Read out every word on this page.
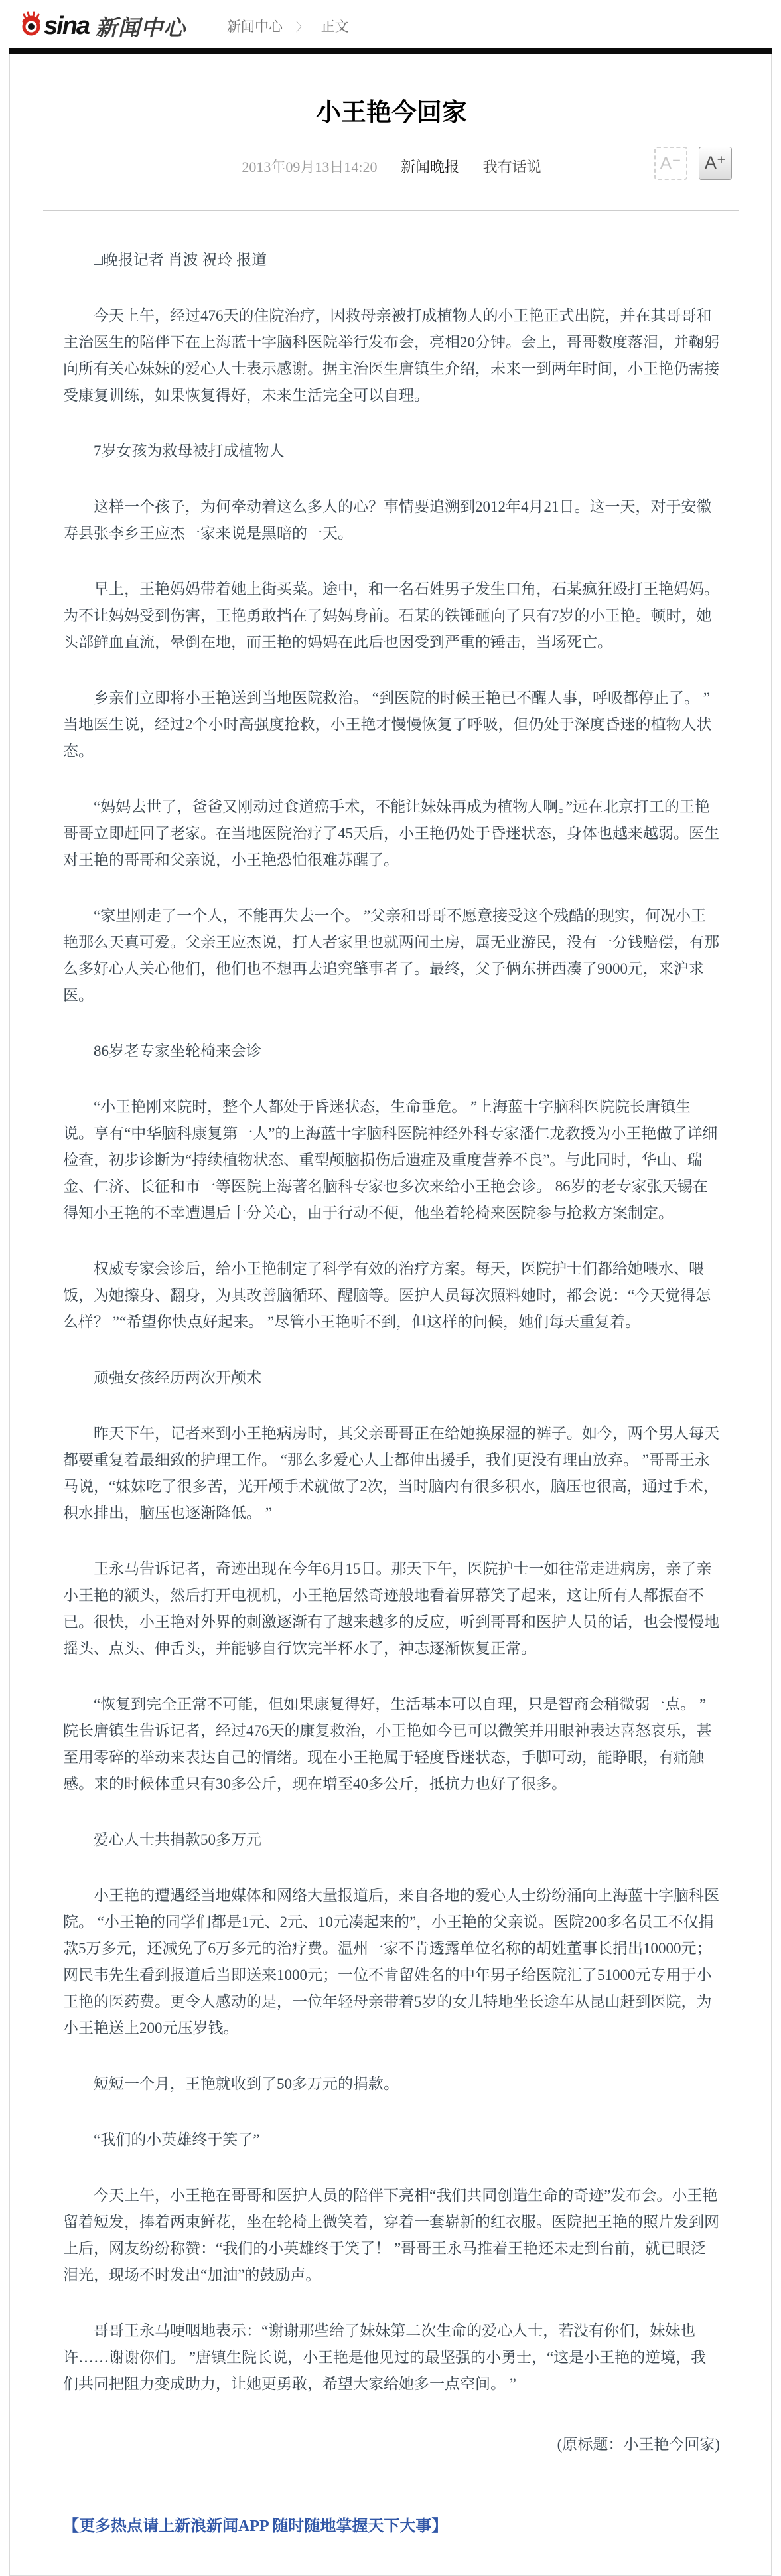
sina 新闻中心	新闻中心 〉 正文
小王艳今回家
2013年09月13日14:20 新闻晚报 我有话说	A⁻ A⁺

□晚报记者 肖波 祝玲 报道

今天上午，经过476天的住院治疗，因救母亲被打成植物人的小王艳正式出院，并在其哥哥和主治医生的陪伴下在上海蓝十字脑科医院举行发布会，亮相20分钟。会上，哥哥数度落泪，并鞠躬向所有关心妹妹的爱心人士表示感谢。据主治医生唐镇生介绍，未来一到两年时间，小王艳仍需接受康复训练，如果恢复得好，未来生活完全可以自理。

7岁女孩为救母被打成植物人

这样一个孩子，为何牵动着这么多人的心？事情要追溯到2012年4月21日。这一天，对于安徽寿县张李乡王应杰一家来说是黑暗的一天。

早上，王艳妈妈带着她上街买菜。途中，和一名石姓男子发生口角，石某疯狂殴打王艳妈妈。为不让妈妈受到伤害，王艳勇敢挡在了妈妈身前。石某的铁锤砸向了只有7岁的小王艳。顿时，她头部鲜血直流，晕倒在地，而王艳的妈妈在此后也因受到严重的锤击，当场死亡。

乡亲们立即将小王艳送到当地医院救治。 “到医院的时候王艳已不醒人事，呼吸都停止了。 ”当地医生说，经过2个小时高强度抢救，小王艳才慢慢恢复了呼吸，但仍处于深度昏迷的植物人状态。

“妈妈去世了，爸爸又刚动过食道癌手术，不能让妹妹再成为植物人啊。”远在北京打工的王艳哥哥立即赶回了老家。在当地医院治疗了45天后，小王艳仍处于昏迷状态，身体也越来越弱。医生对王艳的哥哥和父亲说，小王艳恐怕很难苏醒了。

“家里刚走了一个人，不能再失去一个。 ”父亲和哥哥不愿意接受这个残酷的现实，何况小王艳那么天真可爱。父亲王应杰说，打人者家里也就两间土房，属无业游民，没有一分钱赔偿，有那么多好心人关心他们，他们也不想再去追究肇事者了。最终，父子俩东拼西凑了9000元，来沪求医。

86岁老专家坐轮椅来会诊

“小王艳刚来院时，整个人都处于昏迷状态，生命垂危。 ”上海蓝十字脑科医院院长唐镇生说。享有“中华脑科康复第一人”的上海蓝十字脑科医院神经外科专家潘仁龙教授为小王艳做了详细检查，初步诊断为“持续植物状态、重型颅脑损伤后遗症及重度营养不良”。与此同时，华山、瑞金、仁济、长征和市一等医院上海著名脑科专家也多次来给小王艳会诊。 86岁的老专家张天锡在得知小王艳的不幸遭遇后十分关心，由于行动不便，他坐着轮椅来医院参与抢救方案制定。

权威专家会诊后，给小王艳制定了科学有效的治疗方案。每天，医院护士们都给她喂水、喂饭，为她擦身、翻身，为其改善脑循环、醒脑等。医护人员每次照料她时，都会说：“今天觉得怎么样？ ”“希望你快点好起来。 ”尽管小王艳听不到，但这样的问候，她们每天重复着。

顽强女孩经历两次开颅术

昨天下午，记者来到小王艳病房时，其父亲哥哥正在给她换尿湿的裤子。如今，两个男人每天都要重复着最细致的护理工作。 “那么多爱心人士都伸出援手，我们更没有理由放弃。 ”哥哥王永马说，“妹妹吃了很多苦，光开颅手术就做了2次，当时脑内有很多积水，脑压也很高，通过手术，积水排出，脑压也逐渐降低。 ”

王永马告诉记者，奇迹出现在今年6月15日。那天下午，医院护士一如往常走进病房，亲了亲小王艳的额头，然后打开电视机，小王艳居然奇迹般地看着屏幕笑了起来，这让所有人都振奋不已。很快，小王艳对外界的刺激逐渐有了越来越多的反应，听到哥哥和医护人员的话，也会慢慢地摇头、点头、伸舌头，并能够自行饮完半杯水了，神志逐渐恢复正常。

“恢复到完全正常不可能，但如果康复得好，生活基本可以自理，只是智商会稍微弱一点。 ”院长唐镇生告诉记者，经过476天的康复救治，小王艳如今已可以微笑并用眼神表达喜怒哀乐，甚至用零碎的举动来表达自己的情绪。现在小王艳属于轻度昏迷状态，手脚可动，能睁眼，有痛触感。来的时候体重只有30多公斤，现在增至40多公斤，抵抗力也好了很多。

爱心人士共捐款50多万元

小王艳的遭遇经当地媒体和网络大量报道后，来自各地的爱心人士纷纷涌向上海蓝十字脑科医院。 “小王艳的同学们都是1元、2元、10元凑起来的”，小王艳的父亲说。医院200多名员工不仅捐款5万多元，还减免了6万多元的治疗费。温州一家不肯透露单位名称的胡姓董事长捐出10000元；网民韦先生看到报道后当即送来1000元；一位不肯留姓名的中年男子给医院汇了51000元专用于小王艳的医药费。更令人感动的是，一位年轻母亲带着5岁的女儿特地坐长途车从昆山赶到医院，为小王艳送上200元压岁钱。

短短一个月，王艳就收到了50多万元的捐款。

“我们的小英雄终于笑了”

今天上午，小王艳在哥哥和医护人员的陪伴下亮相“我们共同创造生命的奇迹”发布会。小王艳留着短发，捧着两束鲜花，坐在轮椅上微笑着，穿着一套崭新的红衣服。医院把王艳的照片发到网上后，网友纷纷称赞：“我们的小英雄终于笑了！ ”哥哥王永马推着王艳还未走到台前，就已眼泛泪光，现场不时发出“加油”的鼓励声。

哥哥王永马哽咽地表示：“谢谢那些给了妹妹第二次生命的爱心人士，若没有你们，妹妹也许……谢谢你们。 ”唐镇生院长说，小王艳是他见过的最坚强的小勇士，“这是小王艳的逆境，我们共同把阻力变成助力，让她更勇敢，希望大家给她多一点空间。 ”

(原标题：小王艳今回家)
【更多热点请上新浪新闻APP 随时随地掌握天下大事】
